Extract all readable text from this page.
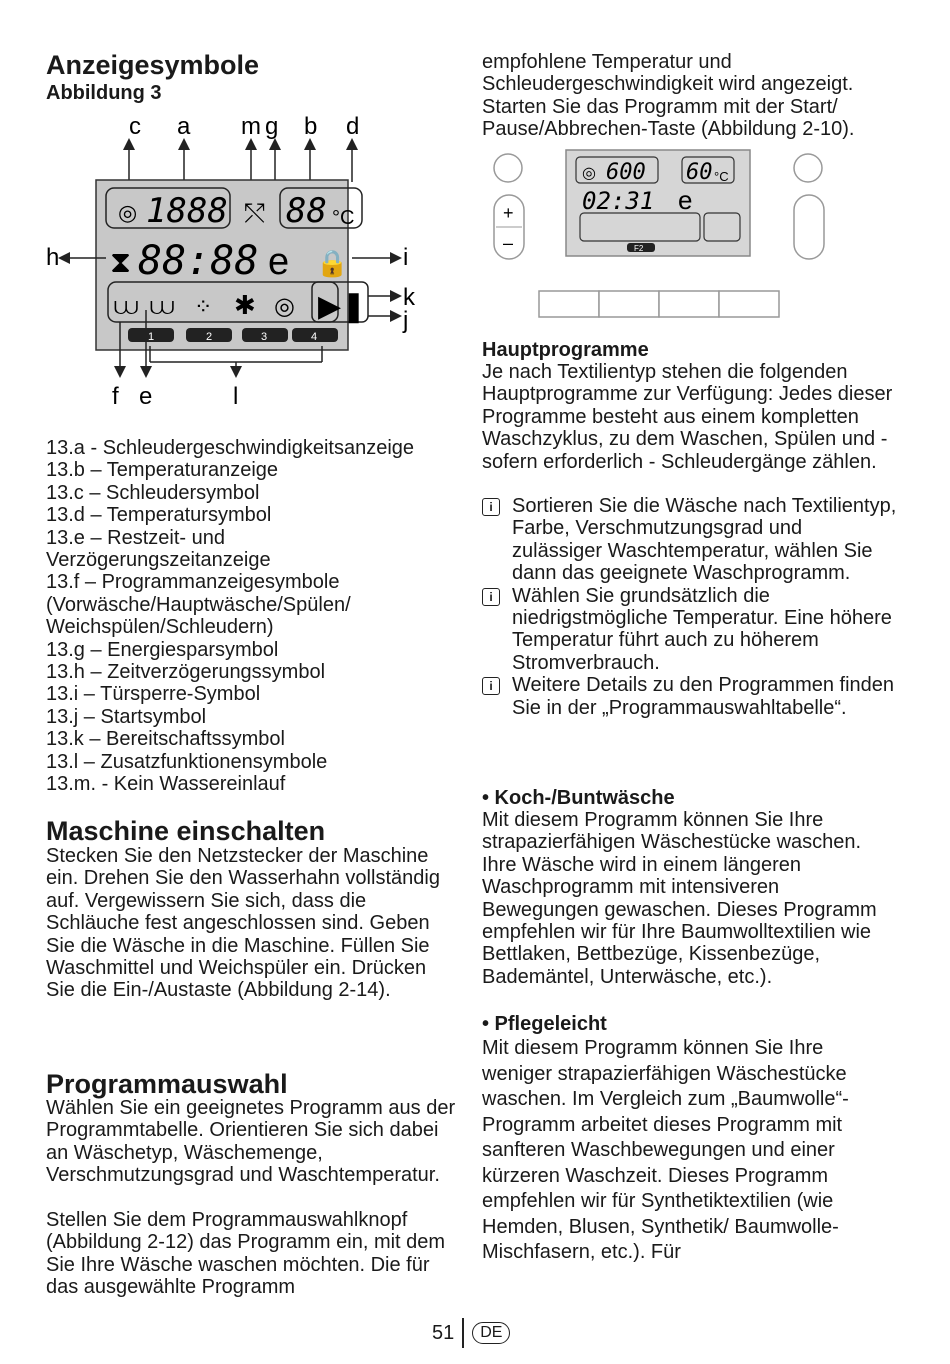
Anzeigesymbole
Abbildung 3
c a m g b d
◎ 1888 ⤲ 88 °C
⧗ 88:88 e 🔒
⩊ ⩊ ⁘ ✱ ◎ ▶❚
1	2	3	4
h	i
k
j
f e	l
13.a - Schleudergeschwindigkeitsanzeige
13.b – Temperaturanzeige
13.c – Schleudersymbol
13.d – Temperatursymbol
13.e – Restzeit- und Verzögerungszeitanzeige
13.f – Programmanzeigesymbole (Vorwäsche/Hauptwäsche/Spülen/ Weichspülen/Schleudern)
13.g – Energiesparsymbol
13.h – Zeitverzögerungssymbol
13.i – Türsperre-Symbol
13.j – Startsymbol
13.k – Bereitschaftssymbol
13.l – Zusatzfunktionensymbole
13.m. - Kein Wassereinlauf
Maschine einschalten

Stecken Sie den Netzstecker der Maschine ein. Drehen Sie den Wasserhahn vollständig auf. Vergewissern Sie sich, dass die Schläuche fest angeschlossen sind. Geben Sie die Wäsche in die Maschine. Füllen Sie Waschmittel und Weichspüler ein. Drücken Sie die Ein-/Austaste (Abbildung 2-14).

Programmauswahl

Wählen Sie ein geeignetes Programm aus der Programmtabelle. Orientieren Sie sich dabei an Wäschetyp, Wäschemenge, Verschmutzungsgrad und Waschtemperatur.

Stellen Sie dem Programmauswahlknopf (Abbildung 2-12) das Programm ein, mit dem Sie Ihre Wäsche waschen möchten. Die für das ausgewählte Programm

empfohlene Temperatur und Schleudergeschwindigkeit wird angezeigt. Starten Sie das Programm mit der Start/ Pause/Abbrechen-Taste (Abbildung 2-10).

+
–
◎ 600 60 °C
02:31 e
F2
Hauptprogramme

Je nach Textilientyp stehen die folgenden Hauptprogramme zur Verfügung: Jedes dieser Programme besteht aus einem kompletten Waschzyklus, zu dem Waschen, Spülen und - sofern erforderlich - Schleudergänge zählen.

i Sortieren Sie die Wäsche nach Textilientyp, Farbe, Verschmutzungsgrad und zulässiger Waschtemperatur, wählen Sie dann das geeignete Waschprogramm.
i Wählen Sie grundsätzlich die niedrigstmögliche Temperatur. Eine höhere Temperatur führt auch zu höherem Stromverbrauch.
i Weitere Details zu den Programmen finden Sie in der „Programmauswahltabelle“.
• Koch-/Buntwäsche

Mit diesem Programm können Sie Ihre strapazierfähigen Wäschestücke waschen. Ihre Wäsche wird in einem längeren Waschprogramm mit intensiveren Bewegungen gewaschen. Dieses Programm empfehlen wir für Ihre Baumwolltextilien wie Bettlaken, Bettbezüge, Kissenbezüge, Bademäntel, Unterwäsche, etc.).

• Pflegeleicht

Mit diesem Programm können Sie Ihre weniger strapazierfähigen Wäschestücke waschen. Im Vergleich zum „Baumwolle“-Programm arbeitet dieses Programm mit sanfteren Waschbewegungen und einer kürzeren Waschzeit. Dieses Programm empfehlen wir für Synthetiktextilien (wie Hemden, Blusen, Synthetik/ Baumwolle-Mischfasern, etc.). Für

51	DE
